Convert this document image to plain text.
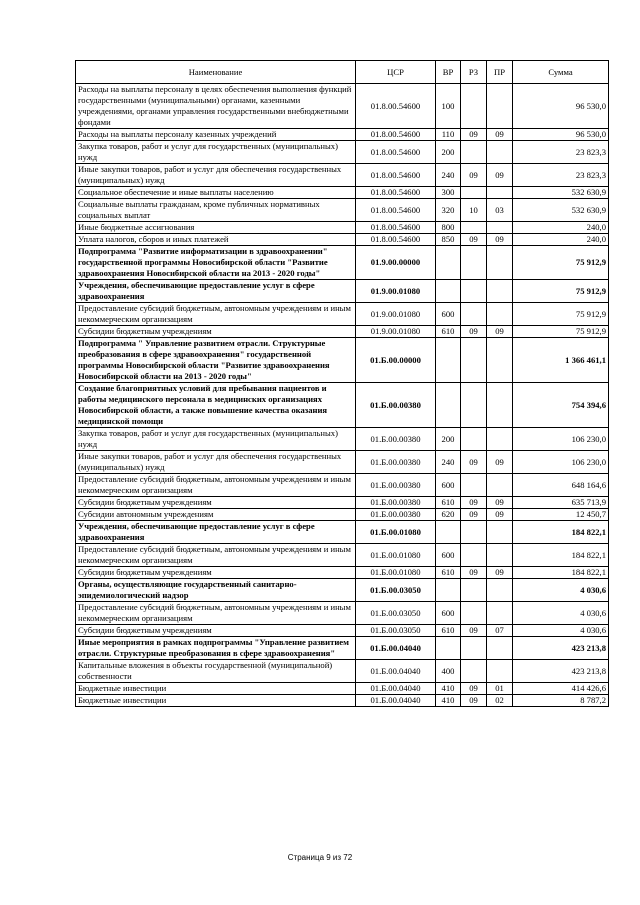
Наименование	ЦСР	ВР	РЗ	ПР	Сумма
Расходы на выплаты персоналу в целях обеспечения выполнения функций государственными (муниципальными) органами, казенными учреждениями, органами управления государственными внебюджетными фондами	01.8.00.54600	100			96 530,0
Расходы на выплаты персоналу казенных учреждений	01.8.00.54600	110	09	09	96 530,0
Закупка товаров, работ и услуг для государственных (муниципальных) нужд	01.8.00.54600	200			23 823,3
Иные закупки товаров, работ и услуг для обеспечения государственных (муниципальных) нужд	01.8.00.54600	240	09	09	23 823,3
Социальное обеспечение и иные выплаты населению	01.8.00.54600	300			532 630,9
Социальные выплаты гражданам, кроме публичных нормативных социальных выплат	01.8.00.54600	320	10	03	532 630,9
Иные бюджетные ассигнования	01.8.00.54600	800			240,0
Уплата налогов, сборов и иных платежей	01.8.00.54600	850	09	09	240,0
Подпрограмма "Развитие информатизации в здравоохранении" государственной программы Новосибирской области "Развитие здравоохранения Новосибирской области на 2013 - 2020 годы"	01.9.00.00000				75 912,9
Учреждения, обеспечивающие предоставление услуг в сфере здравоохранения	01.9.00.01080				75 912,9
Предоставление субсидий бюджетным, автономным учреждениям и иным некоммерческим организациям	01.9.00.01080	600			75 912,9
Субсидии бюджетным учреждениям	01.9.00.01080	610	09	09	75 912,9
Подпрограмма " Управление развитием отрасли. Структурные преобразования в сфере здравоохранения" государственной программы Новосибирской области "Развитие здравоохранения Новосибирской области на 2013 - 2020 годы"	01.Б.00.00000				1 366 461,1
Создание благоприятных условий для пребывания пациентов и работы медицинского персонала в медицинских организациях Новосибирской области, а также повышение качества оказания медицинской помощи	01.Б.00.00380				754 394,6
Закупка товаров, работ и услуг для государственных (муниципальных) нужд	01.Б.00.00380	200			106 230,0
Иные закупки товаров, работ и услуг для обеспечения государственных (муниципальных) нужд	01.Б.00.00380	240	09	09	106 230,0
Предоставление субсидий бюджетным, автономным учреждениям и иным некоммерческим организациям	01.Б.00.00380	600			648 164,6
Субсидии бюджетным учреждениям	01.Б.00.00380	610	09	09	635 713,9
Субсидии автономным учреждениям	01.Б.00.00380	620	09	09	12 450,7
Учреждения, обеспечивающие предоставление услуг в сфере здравоохранения	01.Б.00.01080				184 822,1
Предоставление субсидий бюджетным, автономным учреждениям и иным некоммерческим организациям	01.Б.00.01080	600			184 822,1
Субсидии бюджетным учреждениям	01.Б.00.01080	610	09	09	184 822,1
Органы, осуществляющие государственный санитарно-эпидемиологический надзор	01.Б.00.03050				4 030,6
Предоставление субсидий бюджетным, автономным учреждениям и иным некоммерческим организациям	01.Б.00.03050	600			4 030,6
Субсидии бюджетным учреждениям	01.Б.00.03050	610	09	07	4 030,6
Иные мероприятия в рамках подпрограммы "Управление развитием отрасли. Структурные преобразования в сфере здравоохранения"	01.Б.00.04040				423 213,8
Капитальные вложения в объекты государственной (муниципальной) собственности	01.Б.00.04040	400			423 213,8
Бюджетные инвестиции	01.Б.00.04040	410	09	01	414 426,6
Бюджетные инвестиции	01.Б.00.04040	410	09	02	8 787,2
Страница 9 из 72
